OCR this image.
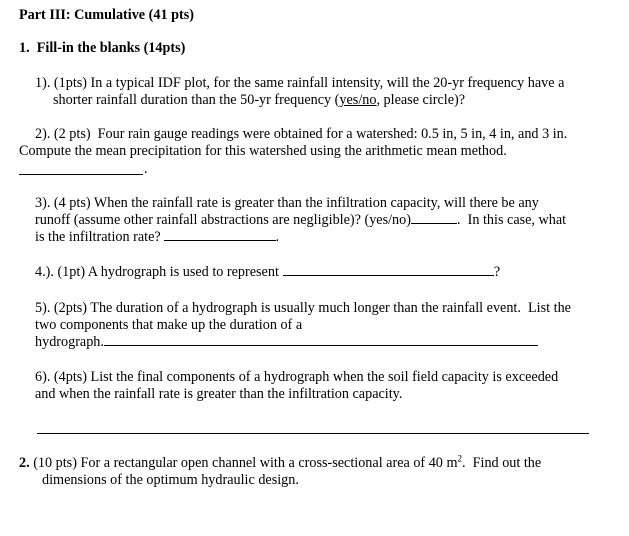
Part III: Cumulative (41 pts)
1.  Fill-in the blanks (14pts)
1). (1pts) In a typical IDF plot, for the same rainfall intensity, will the 20-yr frequency have a
shorter rainfall duration than the 50-yr frequency (yes/no, please circle)?
2). (2 pts)  Four rain gauge readings were obtained for a watershed: 0.5 in, 5 in, 4 in, and 3 in.
Compute the mean precipitation for this watershed using the arithmetic mean method.
.
3). (4 pts) When the rainfall rate is greater than the infiltration capacity, will there be any
runoff (assume other rainfall abstractions are negligible)? (yes/no)	.  In this case, what
is the infiltration rate?	.
4.). (1pt) A hydrograph is used to represent	?
5). (2pts) The duration of a hydrograph is usually much longer than the rainfall event.  List the
two components that make up the duration of a
hydrograph.
6). (4pts) List the final components of a hydrograph when the soil field capacity is exceeded
and when the rainfall rate is greater than the infiltration capacity.
2. (10 pts) For a rectangular open channel with a cross-sectional area of 40 $m^2$.  Find out the
dimensions of the optimum hydraulic design.
